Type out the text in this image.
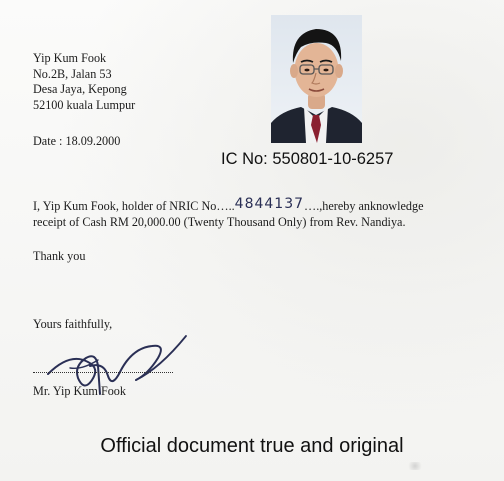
Yip Kum Fook
No.2B, Jalan 53
Desa Jaya, Kepong
52100 kuala Lumpur
Date : 18.09.2000
IC No: 550801-10-6257
I, Yip Kum Fook, holder of NRIC No…..4844137….,hereby anknowledge
receipt of Cash RM 20,000.00 (Twenty Thousand Only) from Rev. Nandiya.
Thank you
Yours faithfully,
Mr. Yip Kum Fook
Official document true and original
